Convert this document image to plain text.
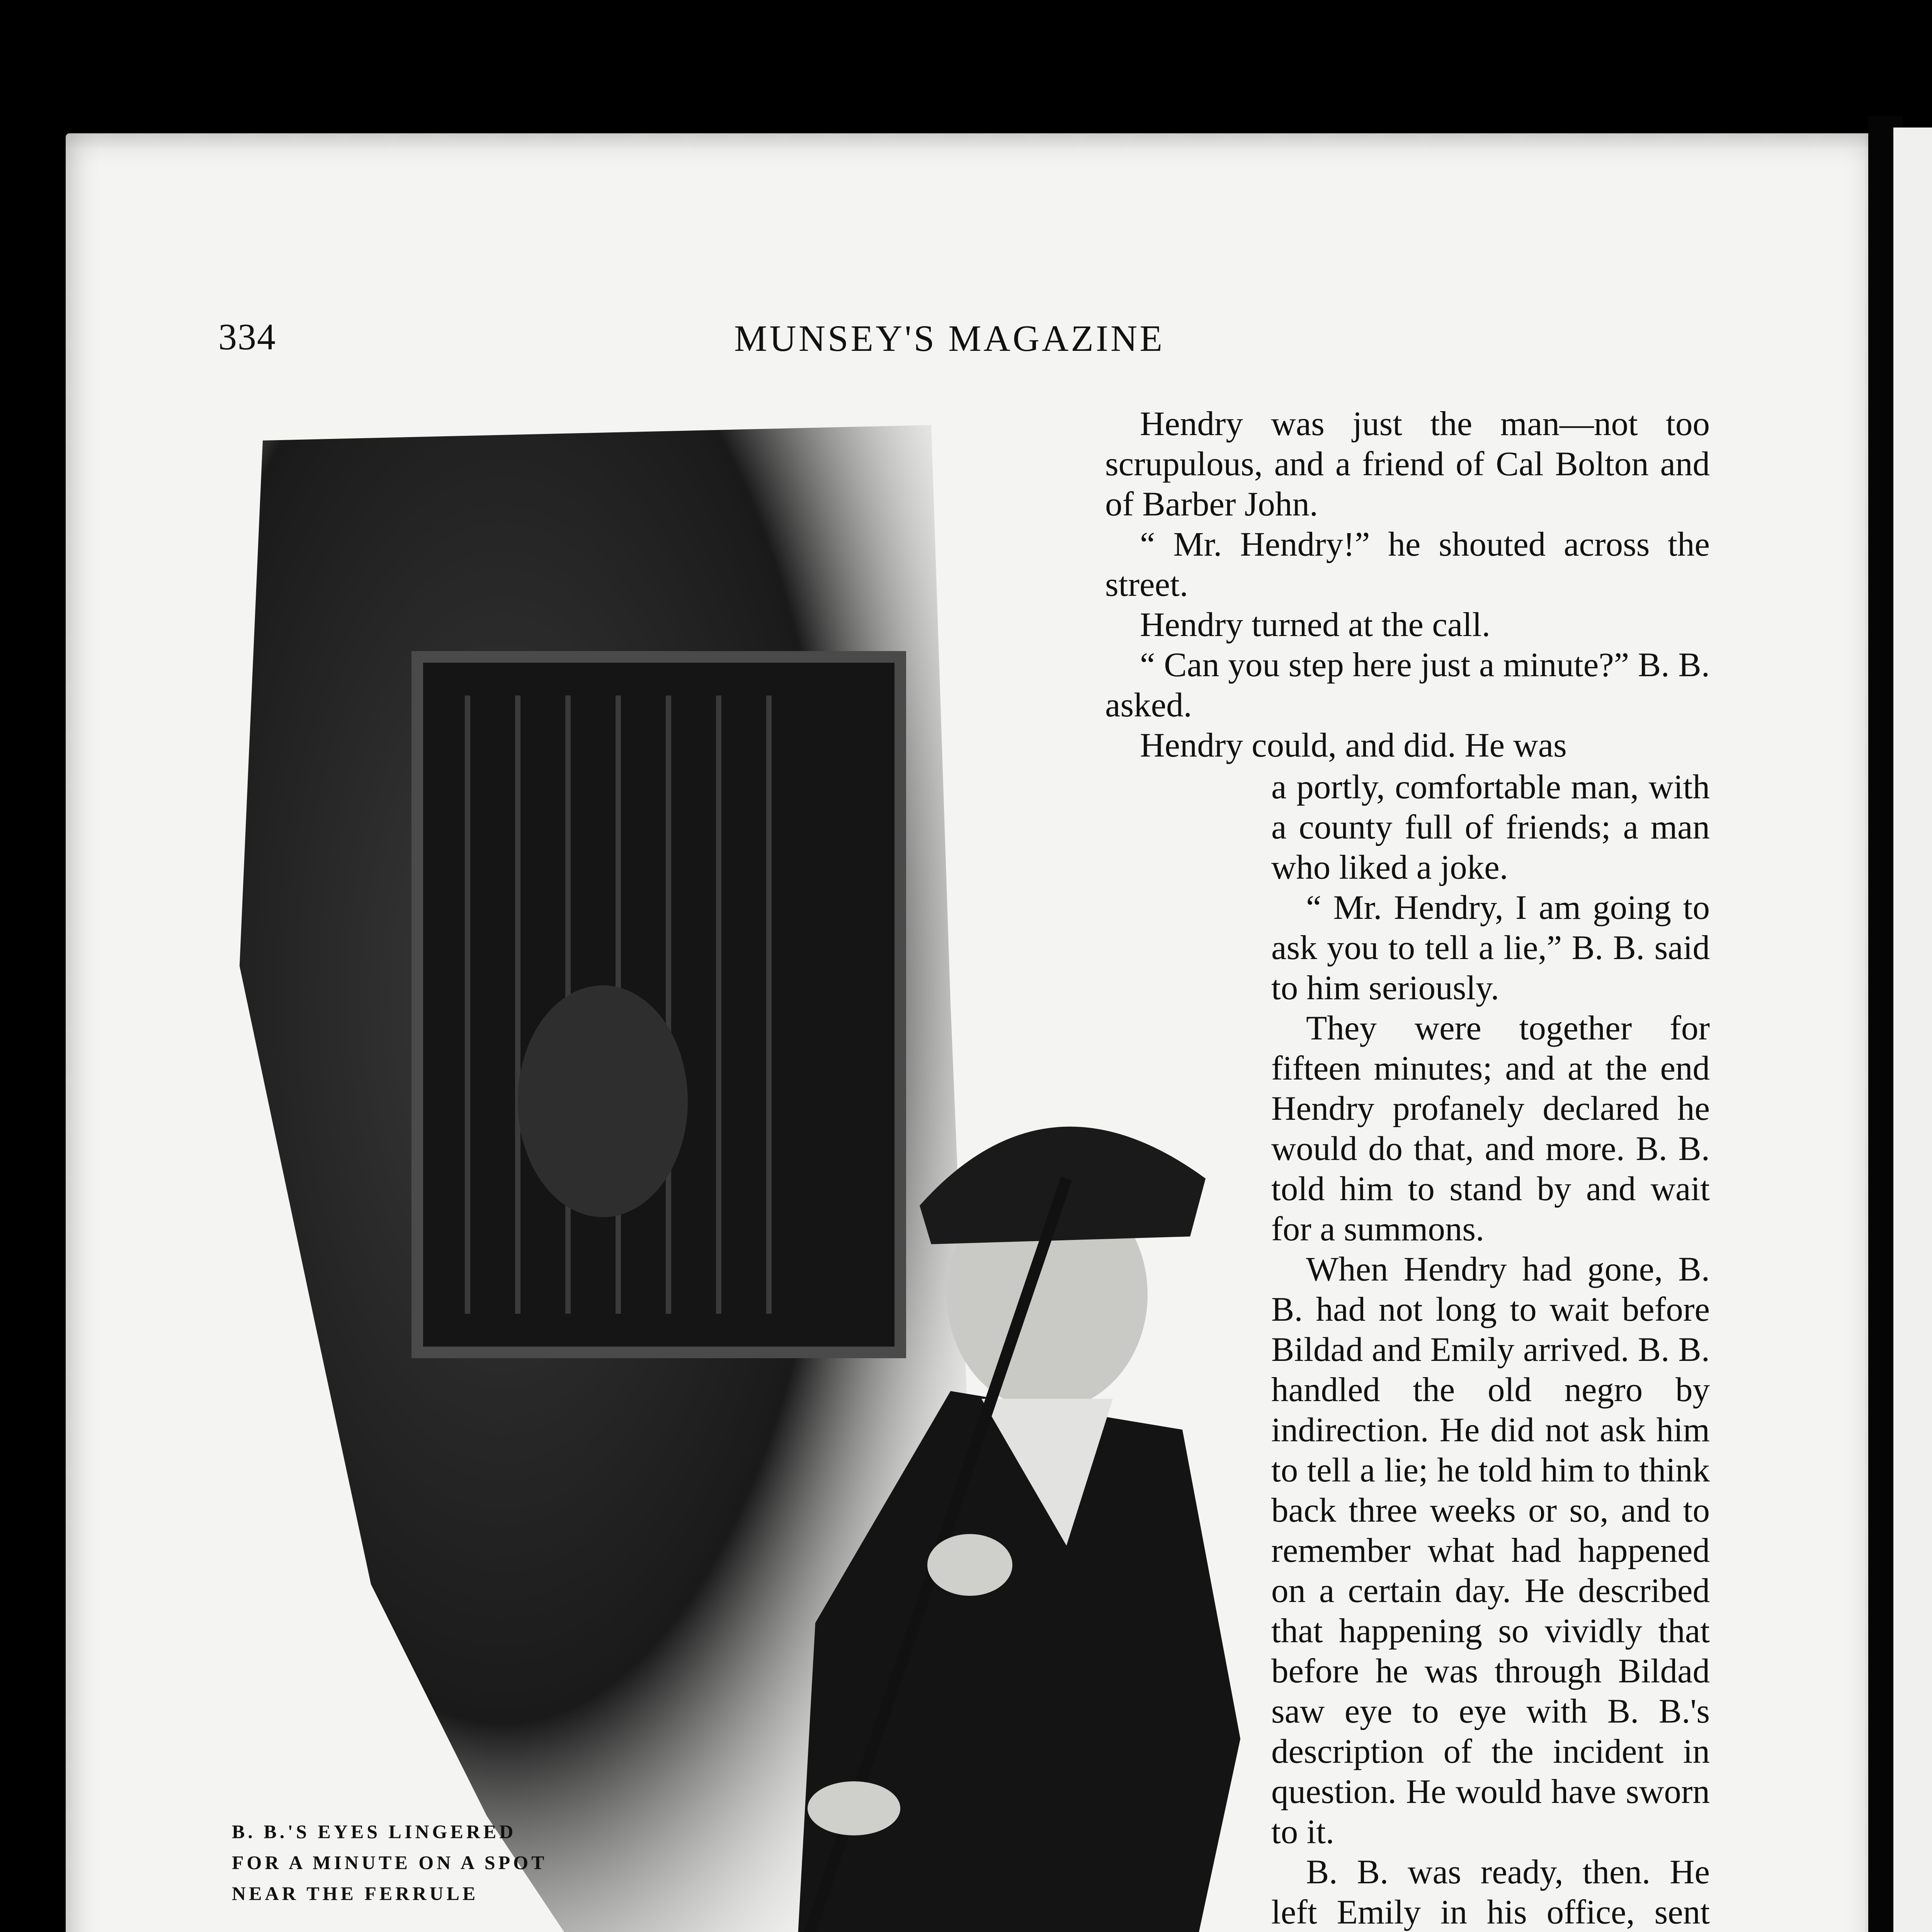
334	MUNSEY'S MAGAZINE

Hendry was just the man—not too scrupulous, and a friend of Cal Bolton and of Barber John.

“ Mr. Hendry!” he shouted across the street.

Hendry turned at the call.

“ Can you step here just a minute?” B. B. asked.

Hendry could, and did. He was

a portly, comfortable man, with a county full of friends; a man who liked a joke.

“ Mr. Hendry, I am going to ask you to tell a lie,” B. B. said to him seriously.

They were together for fifteen minutes; and at the end Hendry profanely declared he would do that, and more. B. B. told him to stand by and wait for a summons.

When Hendry had gone, B. B. had not long to wait before Bildad and Emily arrived. B. B. handled the old negro by indirection. He did not ask him to tell a lie; he told him to think back three weeks or so, and to remember what had happened on a certain day. He described that happening so vividly that before he was through Bildad saw eye to eye with B. B.'s description of the incident in question. He would have sworn to it.

B. B. was ready, then. He left Emily in his office, sent

B. B.'S EYES LINGERED
FOR A MINUTE ON A SPOT
NEAR THE FERRULE
